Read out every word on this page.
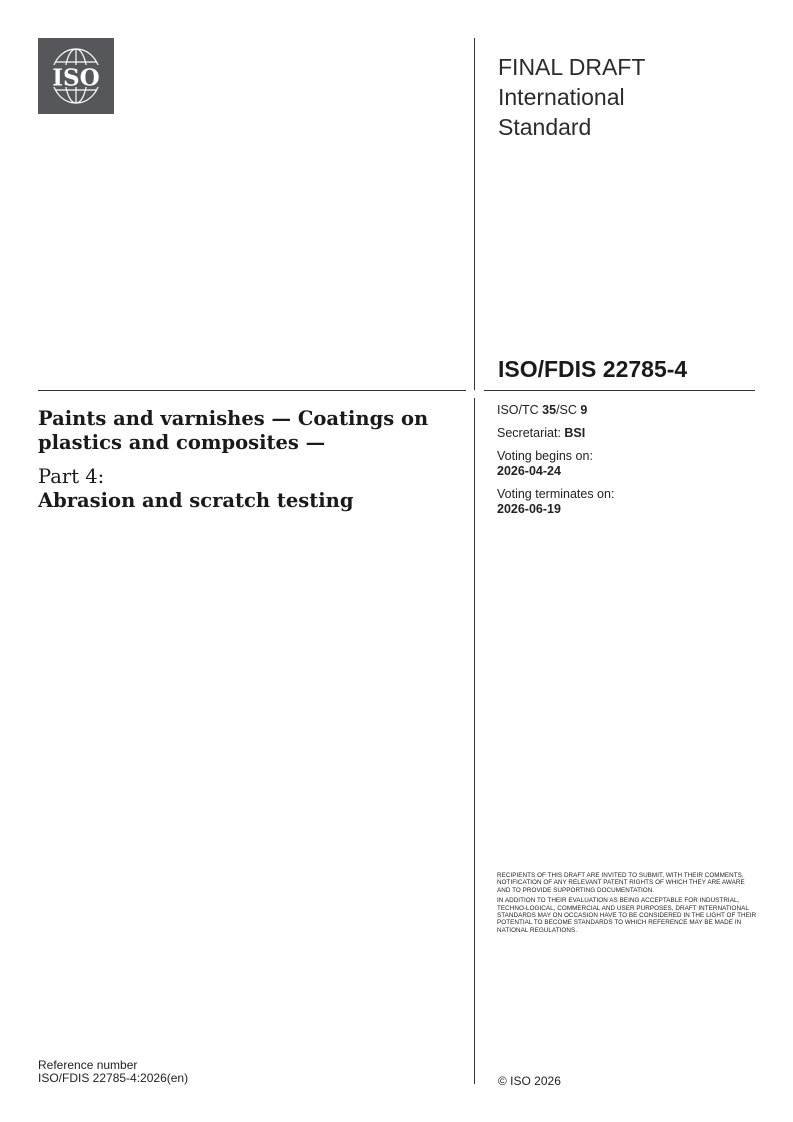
ISO	FINAL DRAFT
International
Standard
ISO/FDIS 22785-4
Paints and varnishes — Coatings on plastics and composites —
Part 4:
Abrasion and scratch testing
ISO/TC 35/SC 9
Secretariat: BSI
Voting begins on:
2026-04-24
Voting terminates on:
2026-06-19

RECIPIENTS OF THIS DRAFT ARE INVITED TO SUBMIT, WITH THEIR COMMENTS, NOTIFICATION OF ANY RELEVANT PATENT RIGHTS OF WHICH THEY ARE AWARE AND TO PROVIDE SUPPORTING DOCUMENTATION.

IN ADDITION TO THEIR EVALUATION AS BEING ACCEPTABLE FOR INDUSTRIAL, TECHNO-LOGICAL, COMMERCIAL AND USER PURPOSES, DRAFT INTERNATIONAL STANDARDS MAY ON OCCASION HAVE TO BE CONSIDERED IN THE LIGHT OF THEIR POTENTIAL TO BECOME STANDARDS TO WHICH REFERENCE MAY BE MADE IN NATIONAL REGULATIONS.

Reference number
ISO/FDIS 22785-4:2026(en)	© ISO 2026
